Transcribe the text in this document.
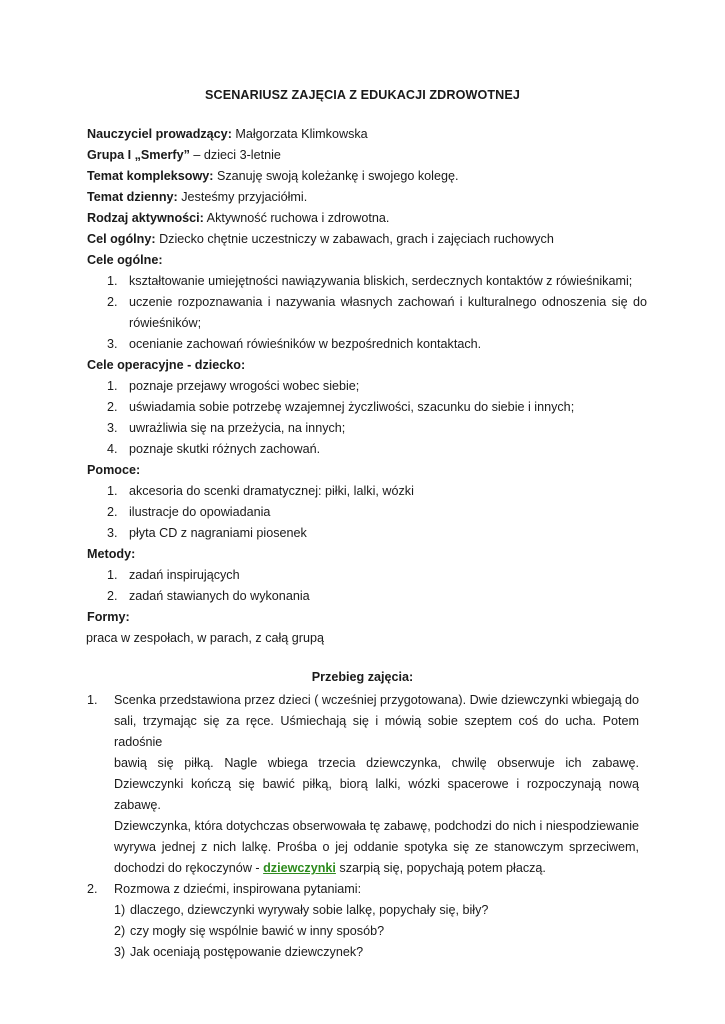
SCENARIUSZ ZAJĘCIA Z EDUKACJI ZDROWOTNEJ
Nauczyciel prowadzący: Małgorzata Klimkowska
Grupa I „Smerfy” – dzieci 3-letnie
Temat kompleksowy: Szanuję swoją koleżankę i swojego kolegę.
Temat dzienny: Jesteśmy przyjaciółmi.
Rodzaj aktywności: Aktywność ruchowa i zdrowotna.
Cel ogólny: Dziecko chętnie uczestniczy w zabawach, grach i zajęciach ruchowych
Cele ogólne:
1. kształtowanie umiejętności nawiązywania bliskich, serdecznych kontaktów z rówieśnikami;
2. uczenie rozpoznawania i nazywania własnych zachowań i kulturalnego odnoszenia się do
rówieśników;
3. ocenianie zachowań rówieśników w bezpośrednich kontaktach.
Cele operacyjne - dziecko:
1. poznaje przejawy wrogości wobec siebie;
2. uświadamia sobie potrzebę wzajemnej życzliwości, szacunku do siebie i innych;
3. uwrażliwia się na przeżycia, na innych;
4. poznaje skutki różnych zachowań.
Pomoce:
1. akcesoria do scenki dramatycznej: piłki, lalki, wózki
2. ilustracje do opowiadania
3. płyta CD z nagraniami piosenek
Metody:
1. zadań inspirujących
2. zadań stawianych do wykonania
Formy:
praca w zespołach, w parach, z całą grupą
Przebieg zajęcia:
1. Scenka przedstawiona przez dzieci ( wcześniej przygotowana). Dwie dziewczynki wbiegają do
sali, trzymając się za ręce. Uśmiechają się i mówią sobie szeptem coś do ucha. Potem radośnie
bawią się piłką. Nagle wbiega trzecia dziewczynka, chwilę obserwuje ich zabawę.
Dziewczynki kończą się bawić piłką, biorą lalki, wózki spacerowe i rozpoczynają nową zabawę.
Dziewczynka, która dotychczas obserwowała tę zabawę, podchodzi do nich i niespodziewanie
wyrywa jednej z nich lalkę. Prośba o jej oddanie spotyka się ze stanowczym sprzeciwem,
dochodzi do rękoczynów - dziewczynki szarpią się, popychają potem płaczą.
2. Rozmowa z dziećmi, inspirowana pytaniami:
1) dlaczego, dziewczynki wyrywały sobie lalkę, popychały się, biły?
2) czy mogły się wspólnie bawić w inny sposób?
3) Jak oceniają postępowanie dziewczynek?
